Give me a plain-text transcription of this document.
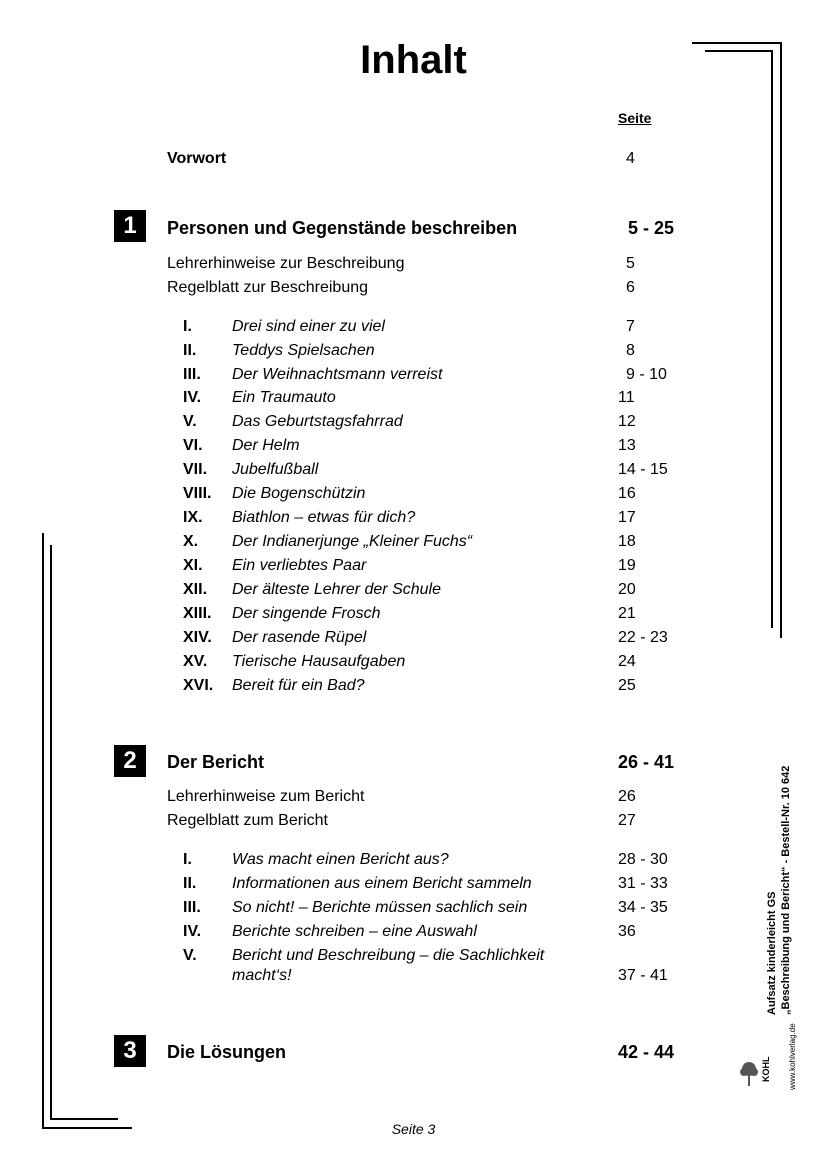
Inhalt
Seite
Vorwort	4
1	Personen und Gegenstände beschreiben	5 - 25
Lehrerhinweise zur Beschreibung	5
Regelblatt zur Beschreibung	6
I.	Drei sind einer zu viel	7
II. Teddys Spielsachen	8
III. Der Weihnachtsmann verreist	9 - 10
IV. Ein Traumauto	11
V. Das Geburtstagsfahrrad	12
VI. Der Helm	13
VII. Jubelfußball	14 - 15
VIII. Die Bogenschützin	16
IX. Biathlon – etwas für dich?	17
X. Der Indianerjunge „Kleiner Fuchs“	18
XI. Ein verliebtes Paar	19
XII. Der älteste Lehrer der Schule	20
XIII. Der singende Frosch	21
XIV. Der rasende Rüpel	22 - 23
XV. Tierische Hausaufgaben	24
XVI. Bereit für ein Bad?	25
2	Der Bericht	26 - 41
Lehrerhinweise zum Bericht	26
Regelblatt zum Bericht	27
I.	Was macht einen Bericht aus?	28 - 30
II. Informationen aus einem Bericht sammeln	31 - 33
III. So nicht! – Berichte müssen sachlich sein	34 - 35
IV. Berichte schreiben – eine Auswahl	36
V. Bericht und Beschreibung – die Sachlichkeit macht‘s!	37 - 41
3	Die Lösungen	42 - 44
Seite 3
Aufsatz kinderleicht GS „Beschreibung und Bericht“ - Bestell-Nr. 10 642
www.kohlverlag.de
KOHL
